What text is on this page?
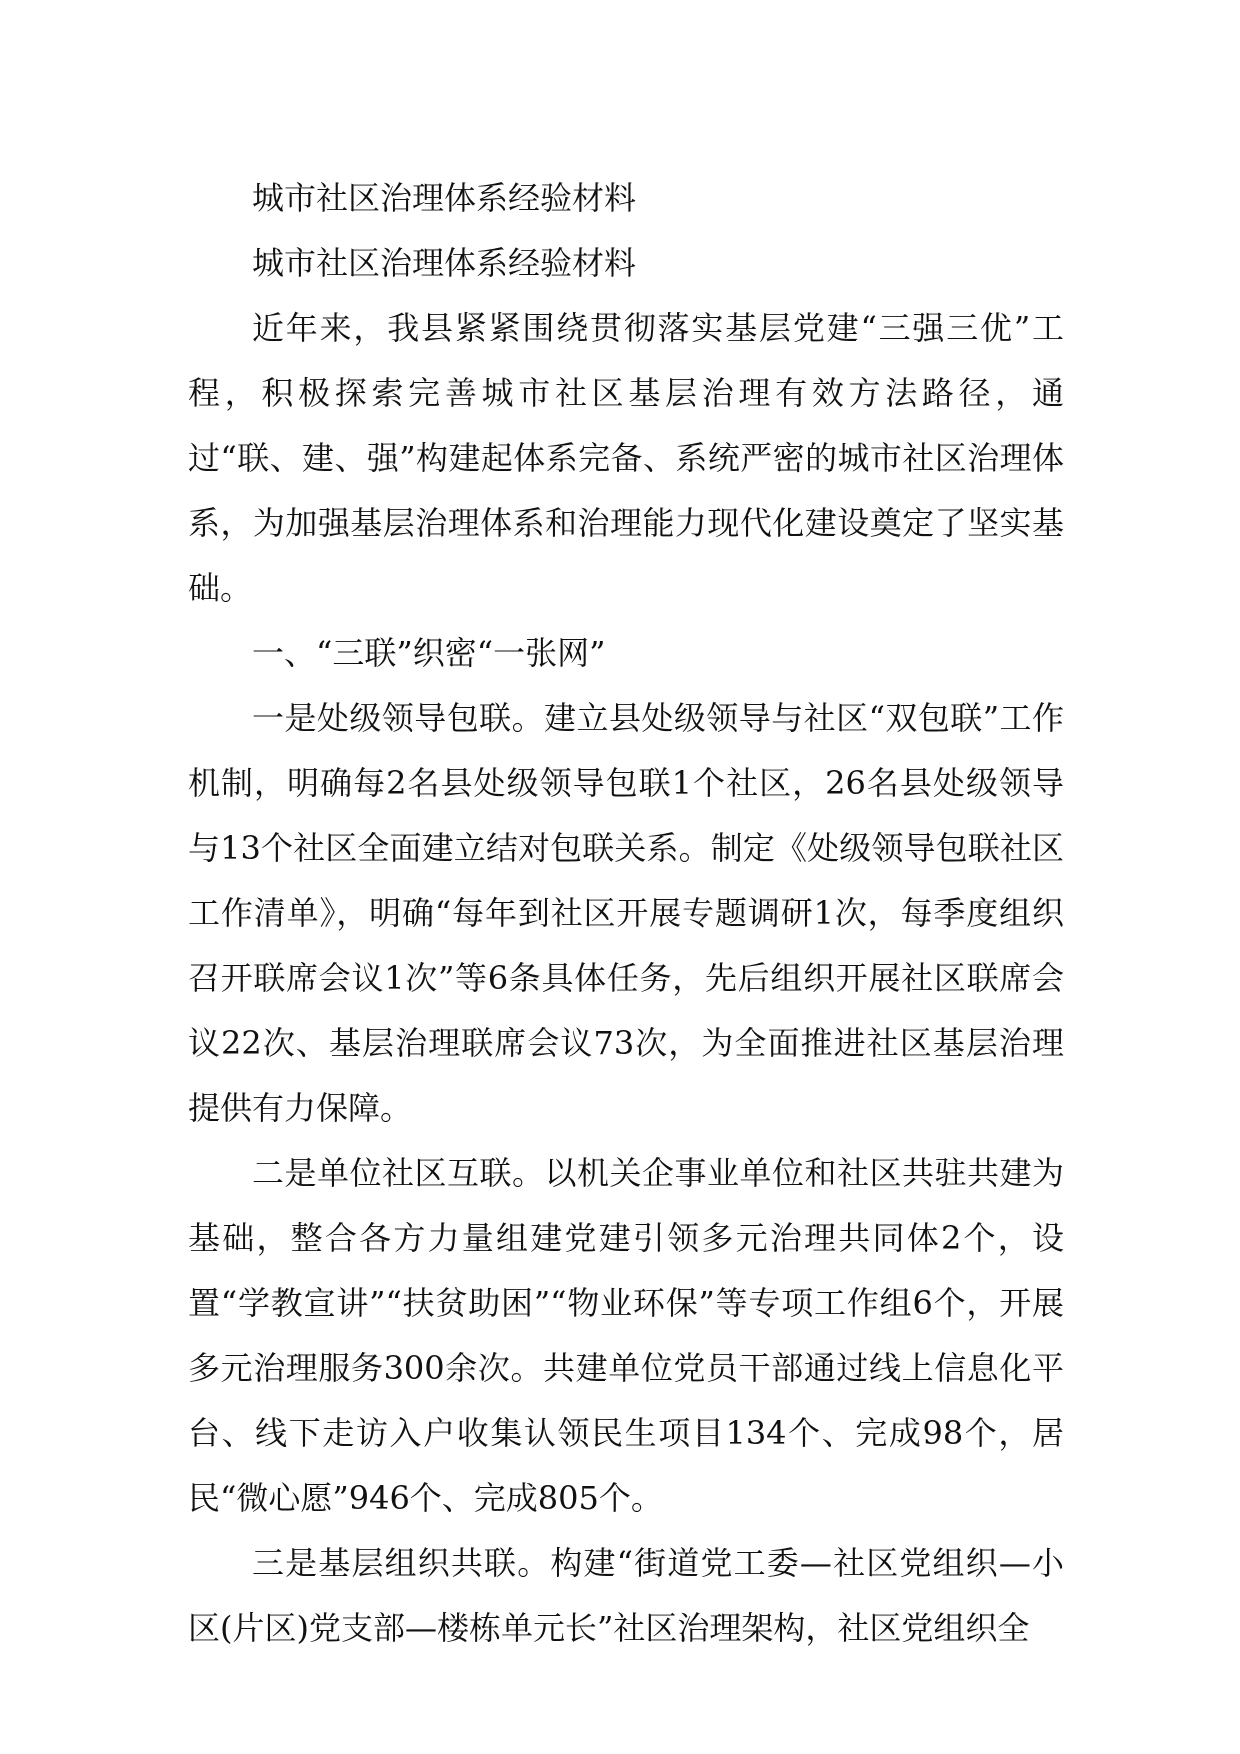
城市社区治理体系经验材料

城市社区治理体系经验材料

近年来，我县紧紧围绕贯彻落实基层党建“三强三优”工程，积极探索完善城市社区基层治理有效方法路径，通过“联、建、强”构建起体系完备、系统严密的城市社区治理体系，为加强基层治理体系和治理能力现代化建设奠定了坚实基础。

一、“三联”织密“一张网”

一是处级领导包联。建立县处级领导与社区“双包联”工作机制，明确每2名县处级领导包联1个社区，26名县处级领导与13个社区全面建立结对包联关系。制定《处级领导包联社区工作清单》，明确“每年到社区开展专题调研1次，每季度组织召开联席会议1次”等6条具体任务，先后组织开展社区联席会议22次、基层治理联席会议73次，为全面推进社区基层治理提供有力保障。

二是单位社区互联。以机关企事业单位和社区共驻共建为基础，整合各方力量组建党建引领多元治理共同体2个，设置“学教宣讲”“扶贫助困”“物业环保”等专项工作组6个，开展多元治理服务300余次。共建单位党员干部通过线上信息化平台、线下走访入户收集认领民生项目134个、完成98个，居民“微心愿”946个、完成805个。

三是基层组织共联。构建“街道党工委—社区党组织—小区(片区)党支部—楼栋单元长”社区治理架构，社区党组织全
